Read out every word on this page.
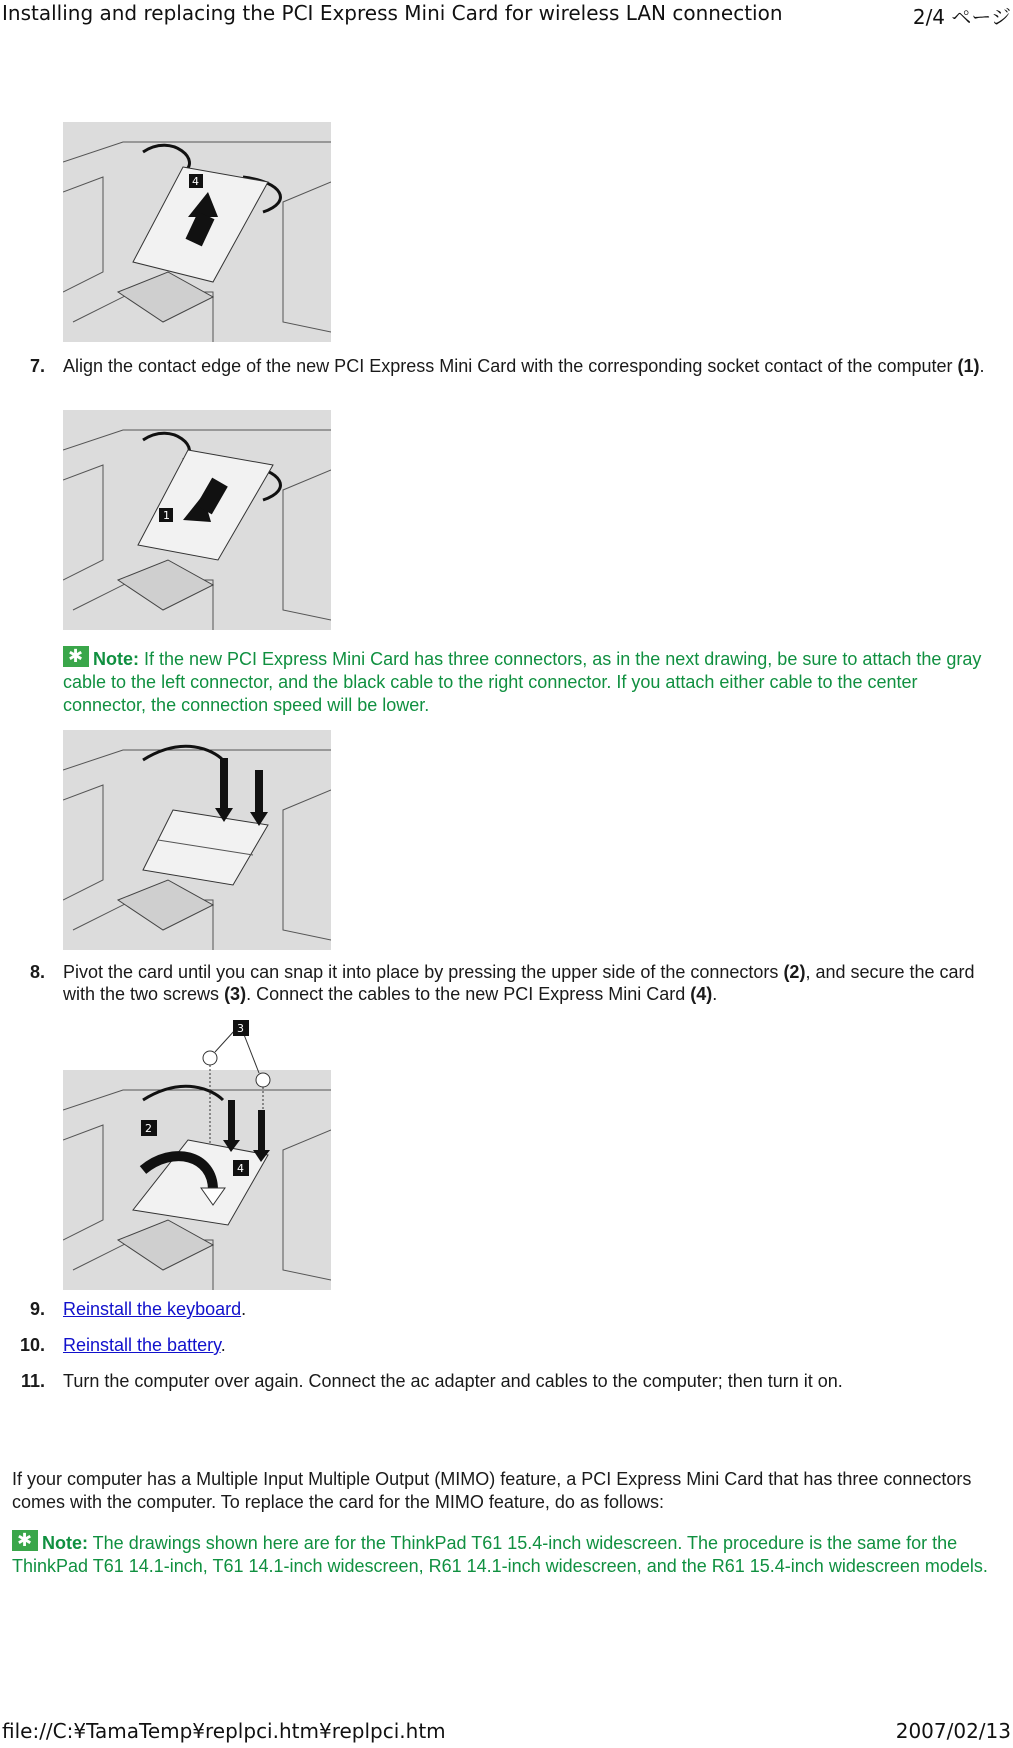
Installing and replacing the PCI Express Mini Card for wireless LAN connection	2/4 ページ
4
7. Align the contact edge of the new PCI Express Mini Card with the corresponding socket contact of the computer (1).
1
✱Note: If the new PCI Express Mini Card has three connectors, as in the next drawing, be sure to attach the gray cable to the left connector, and the black cable to the right connector. If you attach either cable to the center connector, the connection speed will be lower.
8. Pivot the card until you can snap it into place by pressing the upper side of the connectors (2), and secure the card with the two screws (3). Connect the cables to the new PCI Express Mini Card (4).
3
2
4
9. Reinstall the keyboard.
10. Reinstall the battery.
11. Turn the computer over again. Connect the ac adapter and cables to the computer; then turn it on.
If your computer has a Multiple Input Multiple Output (MIMO) feature, a PCI Express Mini Card that has three connectors comes with the computer. To replace the card for the MIMO feature, do as follows:
✱Note: The drawings shown here are for the ThinkPad T61 15.4-inch widescreen. The procedure is the same for the ThinkPad T61 14.1-inch, T61 14.1-inch widescreen, R61 14.1-inch widescreen, and the R61 15.4-inch widescreen models.
file://C:¥TamaTemp¥replpci.htm¥replpci.htm	2007/02/13
